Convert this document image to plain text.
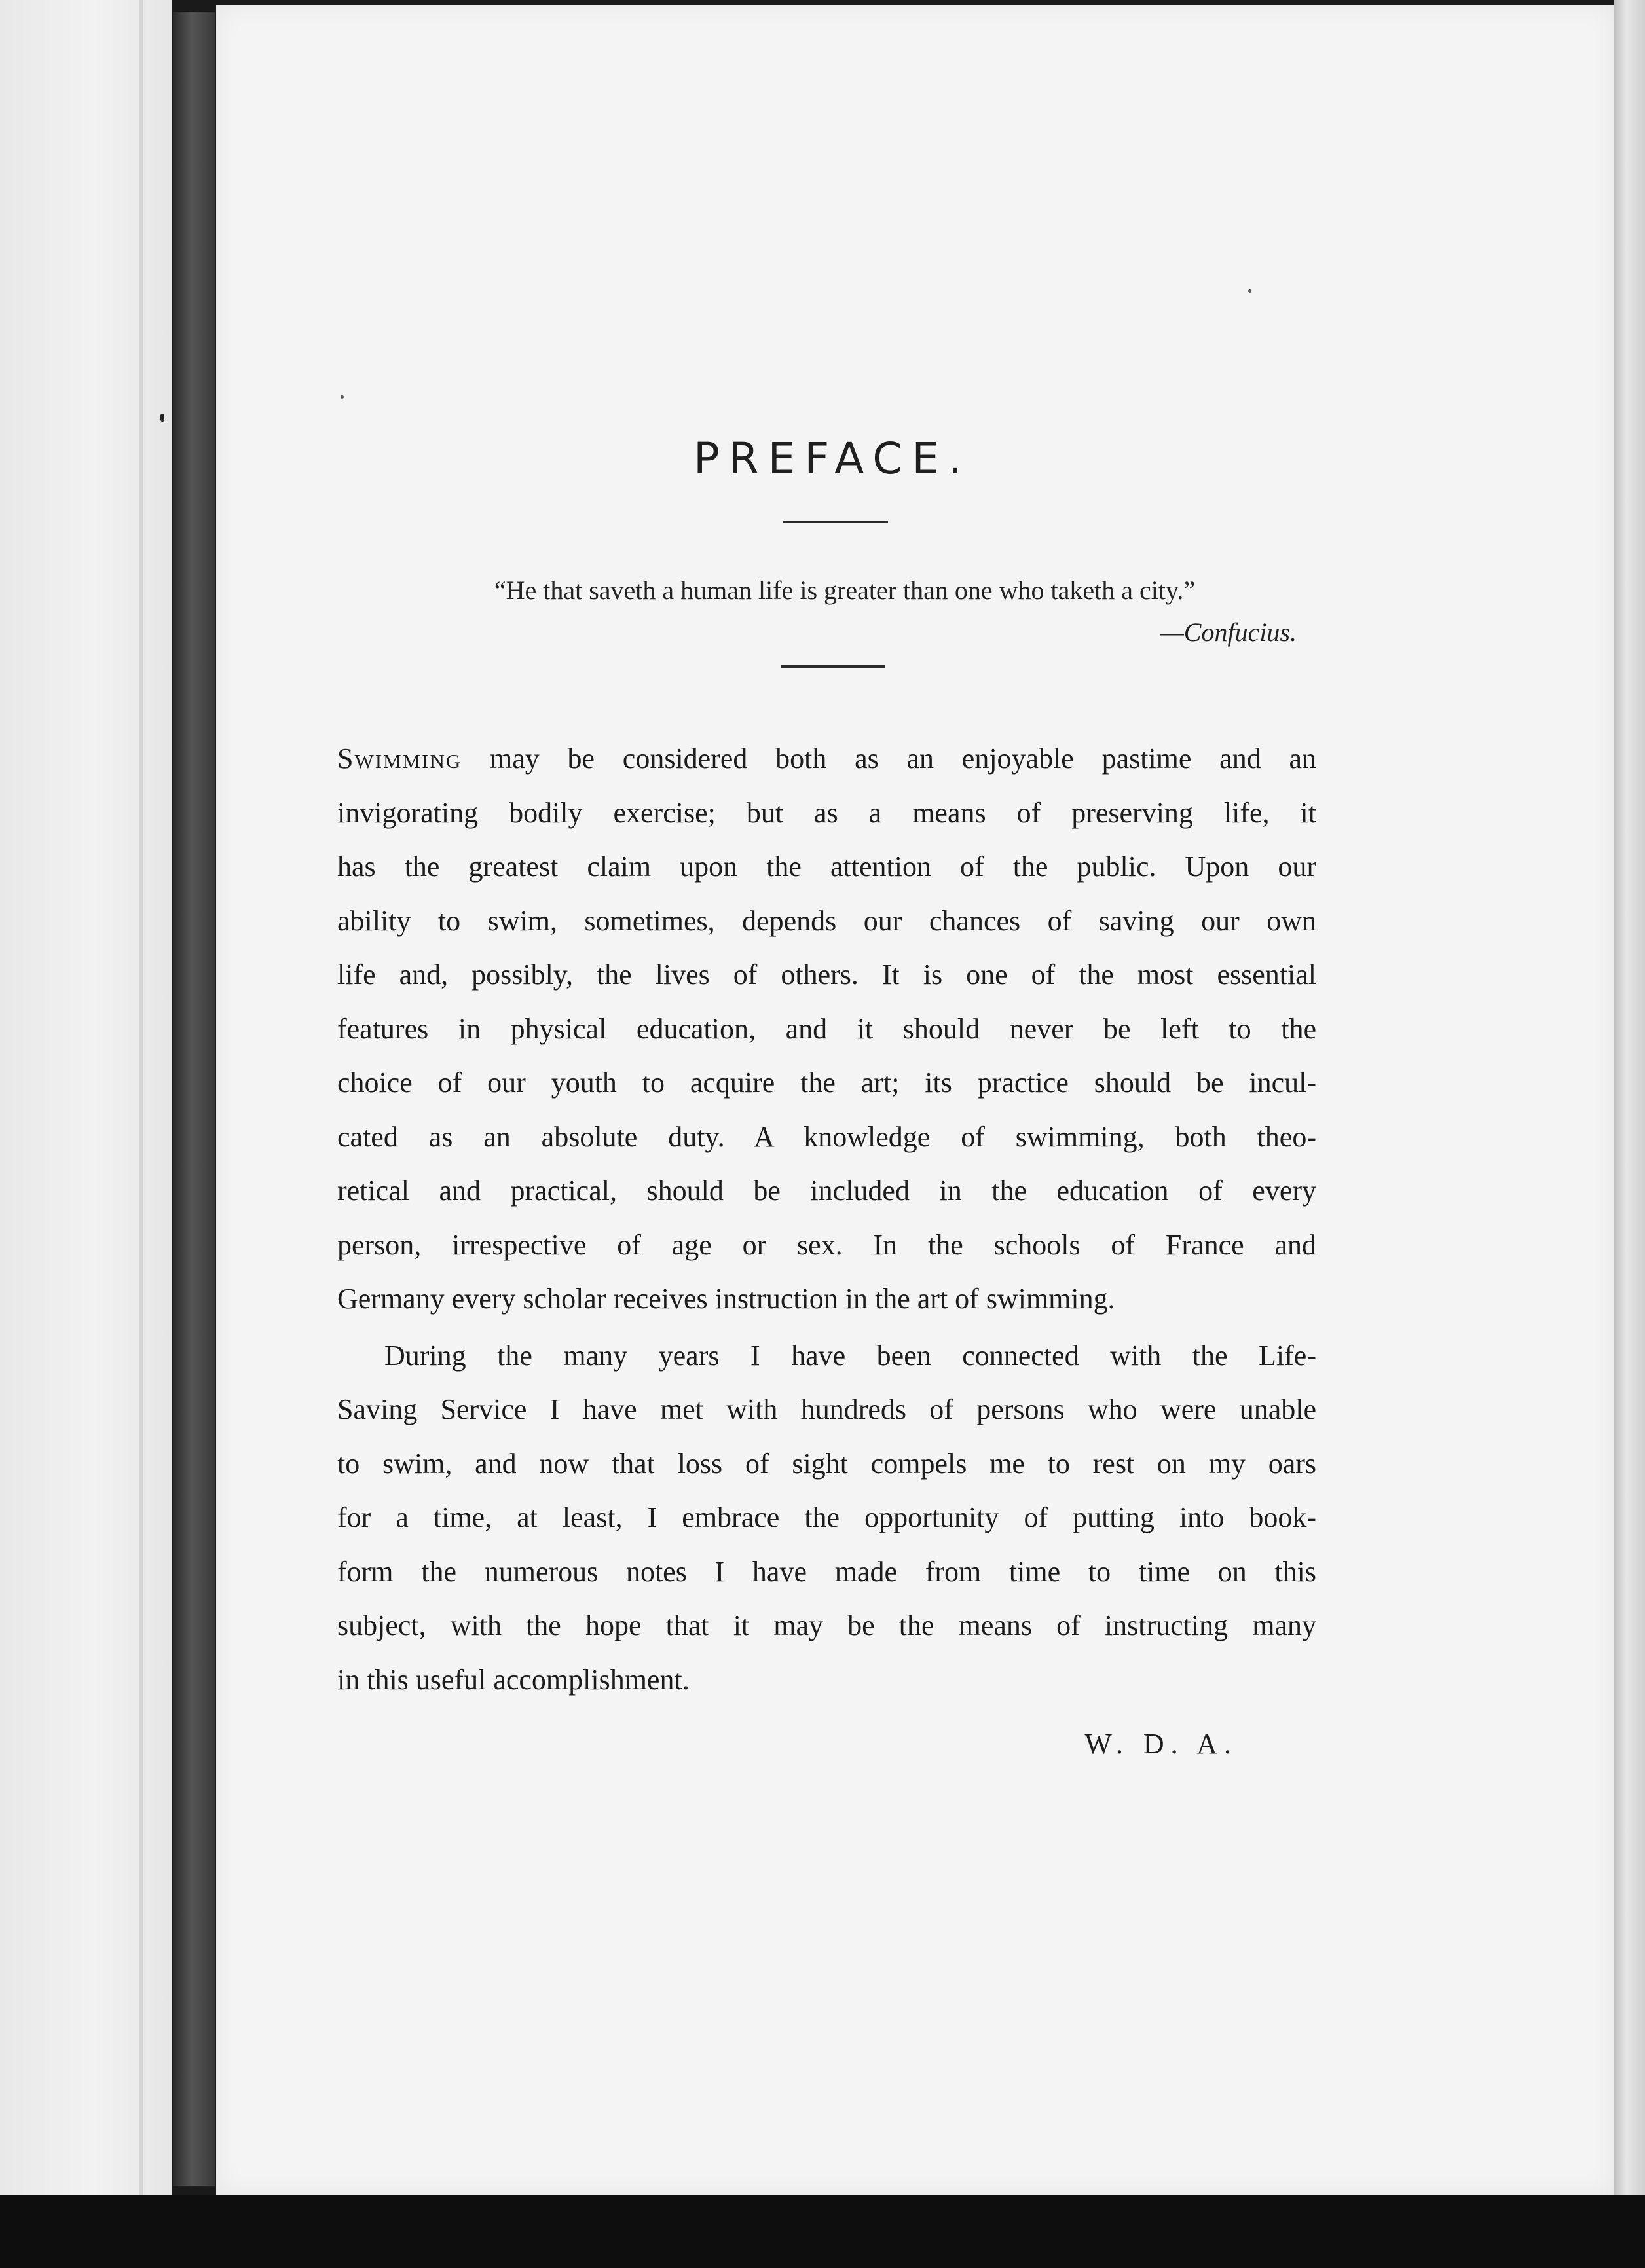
PREFACE.
“He that saveth a human life is greater than one who taketh a city.”
—Confucius.

Swimming may be considered both as an enjoyable pastime and an
invigorating bodily exercise; but as a means of preserving life, it
has the greatest claim upon the attention of the public. Upon our
ability to swim, sometimes, depends our chances of saving our own
life and, possibly, the lives of others. It is one of the most essential
features in physical education, and it should never be left to the
choice of our youth to acquire the art; its practice should be incul-
cated as an absolute duty. A knowledge of swimming, both theo-
retical and practical, should be included in the education of every
person, irrespective of age or sex. In the schools of France and
Germany every scholar receives instruction in the art of swimming.

During the many years I have been connected with the Life-
Saving Service I have met with hundreds of persons who were unable
to swim, and now that loss of sight compels me to rest on my oars
for a time, at least, I embrace the opportunity of putting into book-
form the numerous notes I have made from time to time on this
subject, with the hope that it may be the means of instructing many
in this useful accomplishment.

W. D. A.
